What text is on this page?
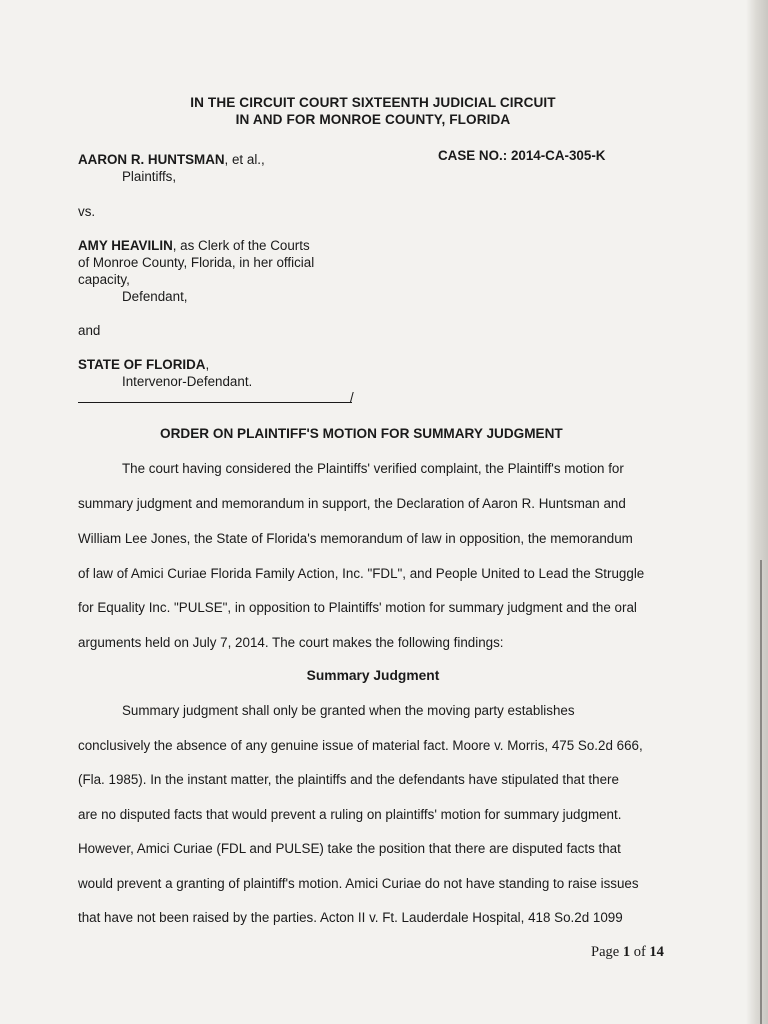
IN THE CIRCUIT COURT SIXTEENTH JUDICIAL CIRCUIT
IN AND FOR MONROE COUNTY, FLORIDA
AARON R. HUNTSMAN, et al.,	CASE NO.: 2014-CA-305-K
Plaintiffs,
vs.
AMY HEAVILIN, as Clerk of the Courts
of Monroe County, Florida, in her official
capacity,
Defendant,
and
STATE OF FLORIDA,
Intervenor-Defendant.
/
ORDER ON PLAINTIFF'S MOTION FOR SUMMARY JUDGMENT
The court having considered the Plaintiffs' verified complaint, the Plaintiff's motion for
summary judgment and memorandum in support, the Declaration of Aaron R. Huntsman and
William Lee Jones, the State of Florida's memorandum of law in opposition, the memorandum
of law of Amici Curiae Florida Family Action, Inc. "FDL", and People United to Lead the Struggle
for Equality Inc. "PULSE", in opposition to Plaintiffs' motion for summary judgment and the oral
arguments held on July 7, 2014. The court makes the following findings:
Summary Judgment
Summary judgment shall only be granted when the moving party establishes
conclusively the absence of any genuine issue of material fact. Moore v. Morris, 475 So.2d 666,
(Fla. 1985). In the instant matter, the plaintiffs and the defendants have stipulated that there
are no disputed facts that would prevent a ruling on plaintiffs' motion for summary judgment.
However, Amici Curiae (FDL and PULSE) take the position that there are disputed facts that
would prevent a granting of plaintiff's motion. Amici Curiae do not have standing to raise issues
that have not been raised by the parties. Acton II v. Ft. Lauderdale Hospital, 418 So.2d 1099
Page 1 of 14
